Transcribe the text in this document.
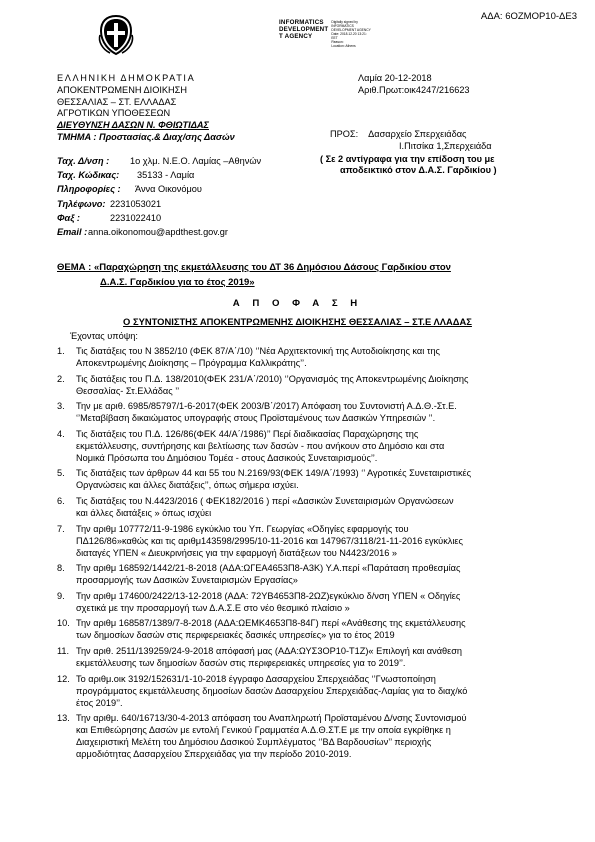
ΑΔΑ: 6ΟΖΜΟΡ10-ΔΕ3
INFORMATICS
DEVELOPMENT
T AGENCY
Digitally signed by
INFORMATICS
DEVELOPMENT AGENCY
Date: 2018.12.20 13:21:
EET
Reason:
Location: Athens
ΕΛΛΗΝΙΚΗ ΔΗΜΟΚΡΑΤΙΑ
ΑΠΟΚΕΝΤΡΩΜΕΝΗ ΔΙΟΙΚΗΣΗ
ΘΕΣΣΑΛΙΑΣ – ΣΤ. ΕΛΛΑΔΑΣ
ΑΓΡΟΤΙΚΩΝ ΥΠΟΘΕΣΕΩΝ
ΔΙΕΥΘΥΝΣΗ ΔΑΣΩΝ Ν. ΦΘΙΩΤΙΔΑΣ
ΤΜΗΜΑ : Προστασίας.& Διαχ/σης Δασών
Λαμία 20-12-2018
Αριθ.Πρωτ:οικ4247/216623
ΠΡΟΣ: Δασαρχείο Σπερχειάδας
Ι.Πιτσίκα 1,Σπερχειάδα
( Σε 2 αντίγραφα για την επίδοση του με
αποδεικτικό στον Δ.Α.Σ. Γαρδικίου )
Ταχ. Δ/νση : 1ο χλμ. Ν.Ε.Ο. Λαμίας –Αθηνών
Ταχ. Κώδικας: 35133 - Λαμία
Πληροφορίες : Άννα Οικονόμου
Τηλέφωνο: 2231053021
Φαξ :	2231022410
Email :anna.oikonomou@apdthest.gov.gr
ΘΕΜΑ : «Παραχώρηση της εκμετάλλευσης του ΔΤ 36 Δημόσιου Δάσους Γαρδικίου στον
Δ.Α.Σ. Γαρδικίου για το έτος 2019»
Α Π Ο Φ Α Σ Η
Ο ΣΥΝΤΟΝΙΣΤΗΣ ΑΠΟΚΕΝΤΡΩΜΕΝΗΣ ΔΙΟΙΚΗΣΗΣ ΘΕΣΣΑΛΙΑΣ – ΣΤ.Ε ΛΛΑΔΑΣ
Έχοντας υπόψη:
1. Τις διατάξεις του Ν 3852/10 (ΦΕΚ 87/Α΄/10) ‘’Νέα Αρχιτεκτονική της Αυτοδιοίκησης και της
Αποκεντρωμένης Διοίκησης – Πρόγραμμα Καλλικράτης’’.
2. Τις διατάξεις του Π.Δ. 138/2010(ΦΕΚ 231/Α΄/2010) ‘’Οργανισμός της Αποκεντρωμένης Διοίκησης
Θεσσαλίας- Στ.Ελλάδας ’’
3. Την με αριθ. 6985/85797/1-6-2017(ΦΕΚ 2003/Β΄/2017) Απόφαση του Συντονιστή Α.Δ.Θ.-Στ.Ε.
‘’Μεταβίβαση δικαιώματος υπογραφής στους Προϊσταμένους των Δασικών Υπηρεσιών ’’.
4. Τις διατάξεις του Π.Δ. 126/86(ΦΕΚ 44/Α΄/1986)’’ Περί διαδικασίας Παραχώρησης της
εκμετάλλευσης, συντήρησης και βελτίωσης των δασών - που ανήκουν στο Δημόσιο και στα
Νομικά Πρόσωπα του Δημόσιου Τομέα - στους Δασικούς Συνεταιρισμούς’’.
5. Τις διατάξεις των άρθρων 44 και 55 του Ν.2169/93(ΦΕΚ 149/Α΄/1993) ‘’ Αγροτικές Συνεταιριστικές
Οργανώσεις και άλλες διατάξεις’’, όπως σήμερα ισχύει.
6. Τις διατάξεις του Ν.4423/2016 ( ΦΕΚ182/2016 ) περί «Δασικών Συνεταιρισμών Οργανώσεων
και άλλες διατάξεις » όπως ισχύει
7. Την αριθμ 107772/11-9-1986 εγκύκλιο του Υπ. Γεωργίας «Οδηγίες εφαρμογής του
ΠΔ126/86»καθώς και τις αριθμ143598/2995/10-11-2016 και 147967/3118/21-11-2016 εγκύκλιες
διαταγές ΥΠΕΝ « Διευκρινήσεις για την εφαρμογή διατάξεων του Ν4423/2016 »
8. Την αριθμ 168592/1442/21-8-2018 (ΑΔΑ:ΩΓΕΑ4653Π8-Α3Κ) Υ.Α.περί «Παράταση προθεσμίας
προσαρμογής των Δασικών Συνεταιρισμών Εργασίας»
9. Την αριθμ 174600/2422/13-12-2018 (ΑΔΑ: 72ΥΒ4653Π8-2ΩΖ)εγκύκλιο δ/νση ΥΠΕΝ « Οδηγίες
σχετικά με την προσαρμογή των Δ.Α.Σ.Ε στο νέο θεσμικό πλαίσιο »
10. Την αριθμ 168587/1389/7-8-2018 (ΑΔΑ:ΩΕΜΚ4653Π8-84Γ) περί «Ανάθεσης της εκμετάλλευσης
των δημοσίων δασών στις περιφερειακές δασικές υπηρεσίες» για το έτος 2019
11. Την αριθ. 2511/139259/24-9-2018 απόφασή μας (ΑΔΑ:ΩΥΣ3ΟΡ10-Τ1Ζ)« Επιλογή και ανάθεση
εκμετάλλευσης των δημοσίων δασών στις περιφερειακές υπηρεσίες για το 2019’’.
12. Το αριθμ.οικ 3192/152631/1-10-2018 έγγραφο Δασαρχείου Σπερχειάδας ‘’Γνωστοποίηση
προγράμματος εκμετάλλευσης δημοσίων δασών Δασαρχείου Σπερχειάδας-Λαμίας για το διαχ/κό
έτος 2019’’.
13. Την αριθμ. 640/16713/30-4-2013 απόφαση του Αναπληρωτή Προϊσταμένου Δ/νσης Συντονισμού
και Επιθεώρησης Δασών με εντολή Γενικού Γραμματέα Α.Δ.Θ.ΣΤ.Ε με την οποία εγκρίθηκε η
Διαχειριστική Μελέτη του Δημόσιου Δασικού Συμπλέγματος ‘’ΒΔ Βαρδουσίων’’ περιοχής
αρμοδιότητας Δασαρχείου Σπερχειάδας για την περίοδο 2010-2019.
